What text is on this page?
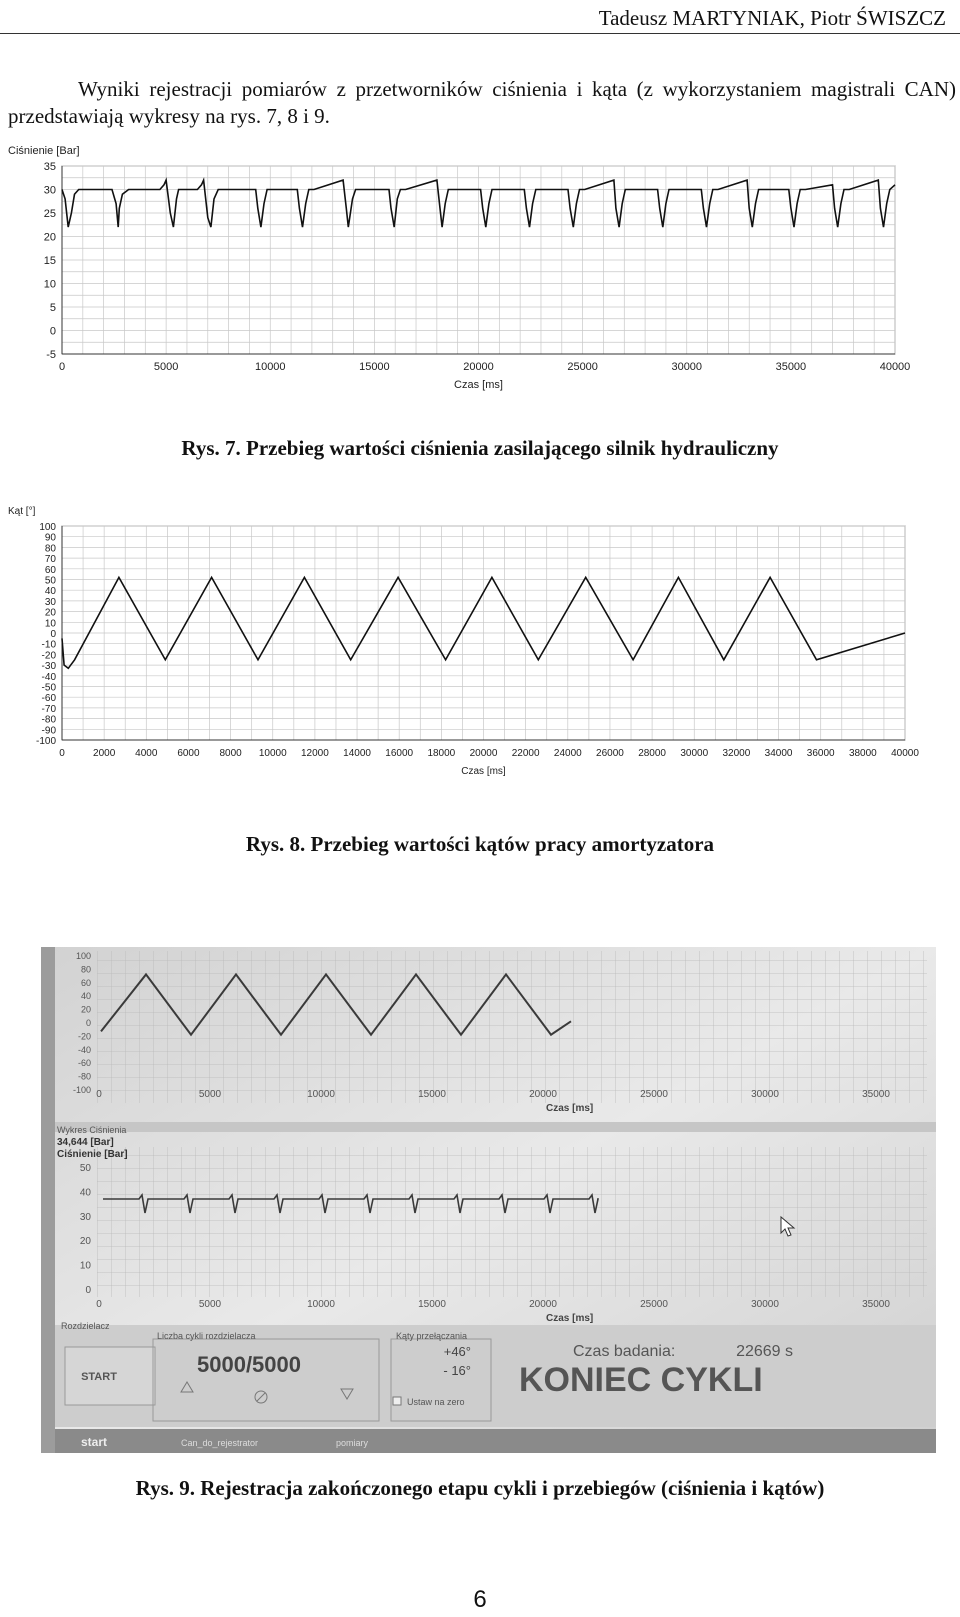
Tadeusz MARTYNIAK, Piotr ŚWISZCZ
Wyniki rejestracji pomiarów z przetworników ciśnienia i kąta (z wykorzystaniem magistrali CAN) przedstawiają wykresy na rys. 7, 8 i 9.
-5
0
5
10
15
20
25
30
35
0	5000	10000	15000	20000	25000	30000	35000	40000
Ciśnienie [Bar]
Czas [ms]
Rys. 7. Przebieg wartości ciśnienia zasilającego silnik hydrauliczny
100
90
80
70
60
50
40
30
20
10
0
-10
-20
-30
-40
-50
-60
-70
-80
-90
-100
0	2000 4000 6000 8000 10000 12000 14000 16000 18000 20000 22000 24000 26000 28000 30000 32000 34000 36000 38000 40000
Kąt [°]
Czas [ms]
Rys. 8. Przebieg wartości kątów pracy amortyzatora
100
80
60
40
20
0
-20
-40
-60
-80
-100 0	5000	10000	15000	20000	25000	30000	35000
Czas [ms]
Wykres Ciśnienia
34,644 [Bar]
Ciśnienie [Bar]
50
40
30
20
10
0
0	5000	10000	15000	20000	25000	30000	35000
Czas [ms]
Rozdzielacz
START
Liczba cykli rozdzielacza
5000/5000
Kąty przełączania
+46°
- 16°
Ustaw na zero
Czas badania:	22669 s
KONIEC CYKLI
start	Can_do_rejestrator	pomiary
Rys. 9. Rejestracja zakończonego etapu cykli i przebiegów (ciśnienia i kątów)
6
